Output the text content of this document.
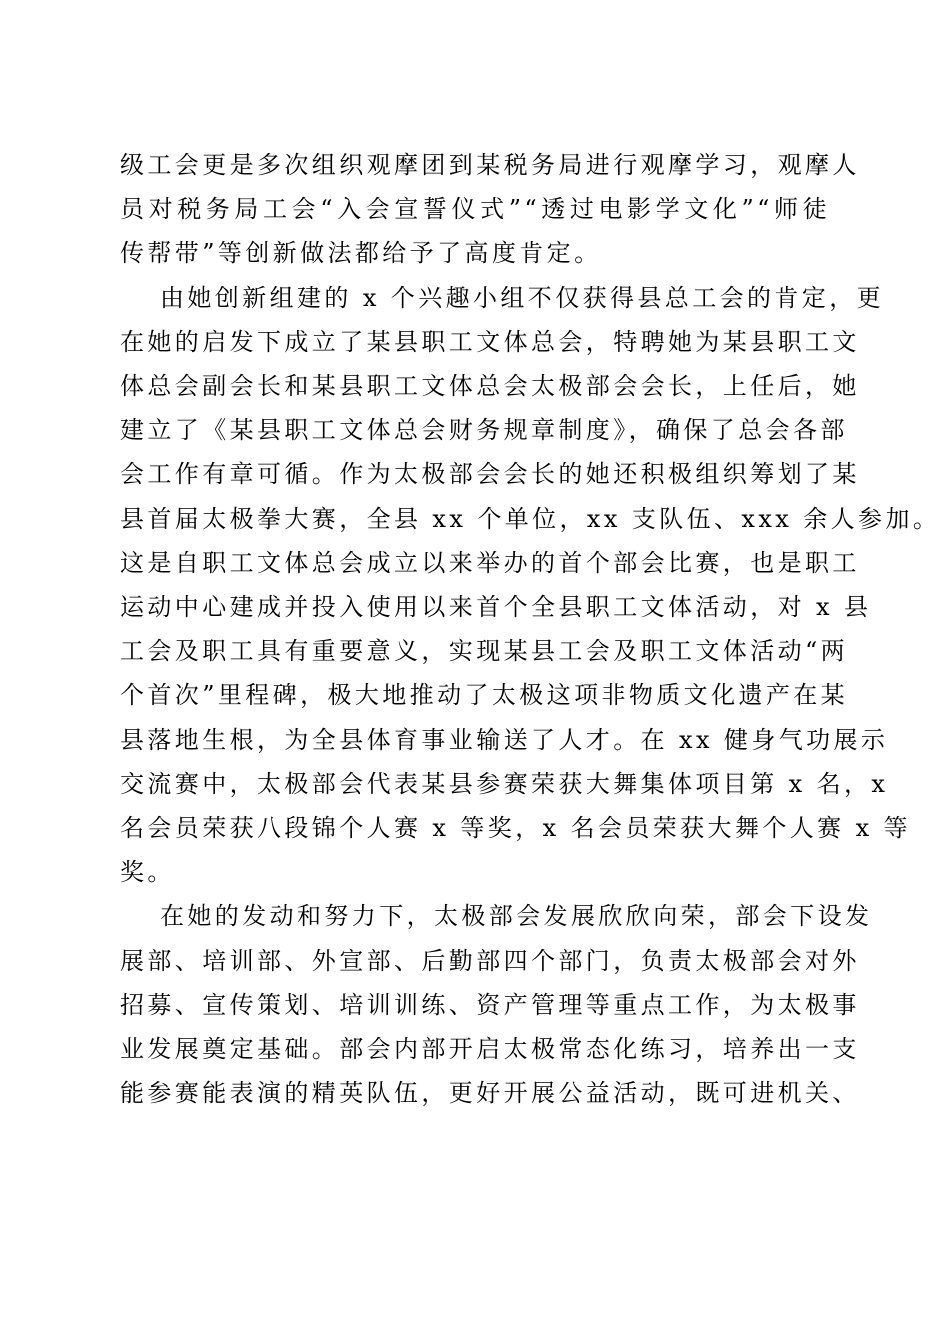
级工会更是多次组织观摩团到某税务局进行观摩学习，观摩人
员对税务局工会“入会宣誓仪式”“透过电影学文化”“师徒
传帮带”等创新做法都给予了高度肯定。
由她创新组建的 x 个兴趣小组不仅获得县总工会的肯定，更
在她的启发下成立了某县职工文体总会，特聘她为某县职工文
体总会副会长和某县职工文体总会太极部会会长，上任后，她
建立了《某县职工文体总会财务规章制度》，确保了总会各部
会工作有章可循。作为太极部会会长的她还积极组织筹划了某
县首届太极拳大赛，全县 xx 个单位，xx 支队伍、xxx 余人参加。
这是自职工文体总会成立以来举办的首个部会比赛，也是职工
运动中心建成并投入使用以来首个全县职工文体活动，对 x 县
工会及职工具有重要意义，实现某县工会及职工文体活动“两
个首次”里程碑，极大地推动了太极这项非物质文化遗产在某
县落地生根，为全县体育事业输送了人才。在 xx 健身气功展示
交流赛中，太极部会代表某县参赛荣获大舞集体项目第 x 名，x
名会员荣获八段锦个人赛 x 等奖，x 名会员荣获大舞个人赛 x 等
奖。
在她的发动和努力下，太极部会发展欣欣向荣，部会下设发
展部、培训部、外宣部、后勤部四个部门，负责太极部会对外
招募、宣传策划、培训训练、资产管理等重点工作，为太极事
业发展奠定基础。部会内部开启太极常态化练习，培养出一支
能参赛能表演的精英队伍，更好开展公益活动，既可进机关、
